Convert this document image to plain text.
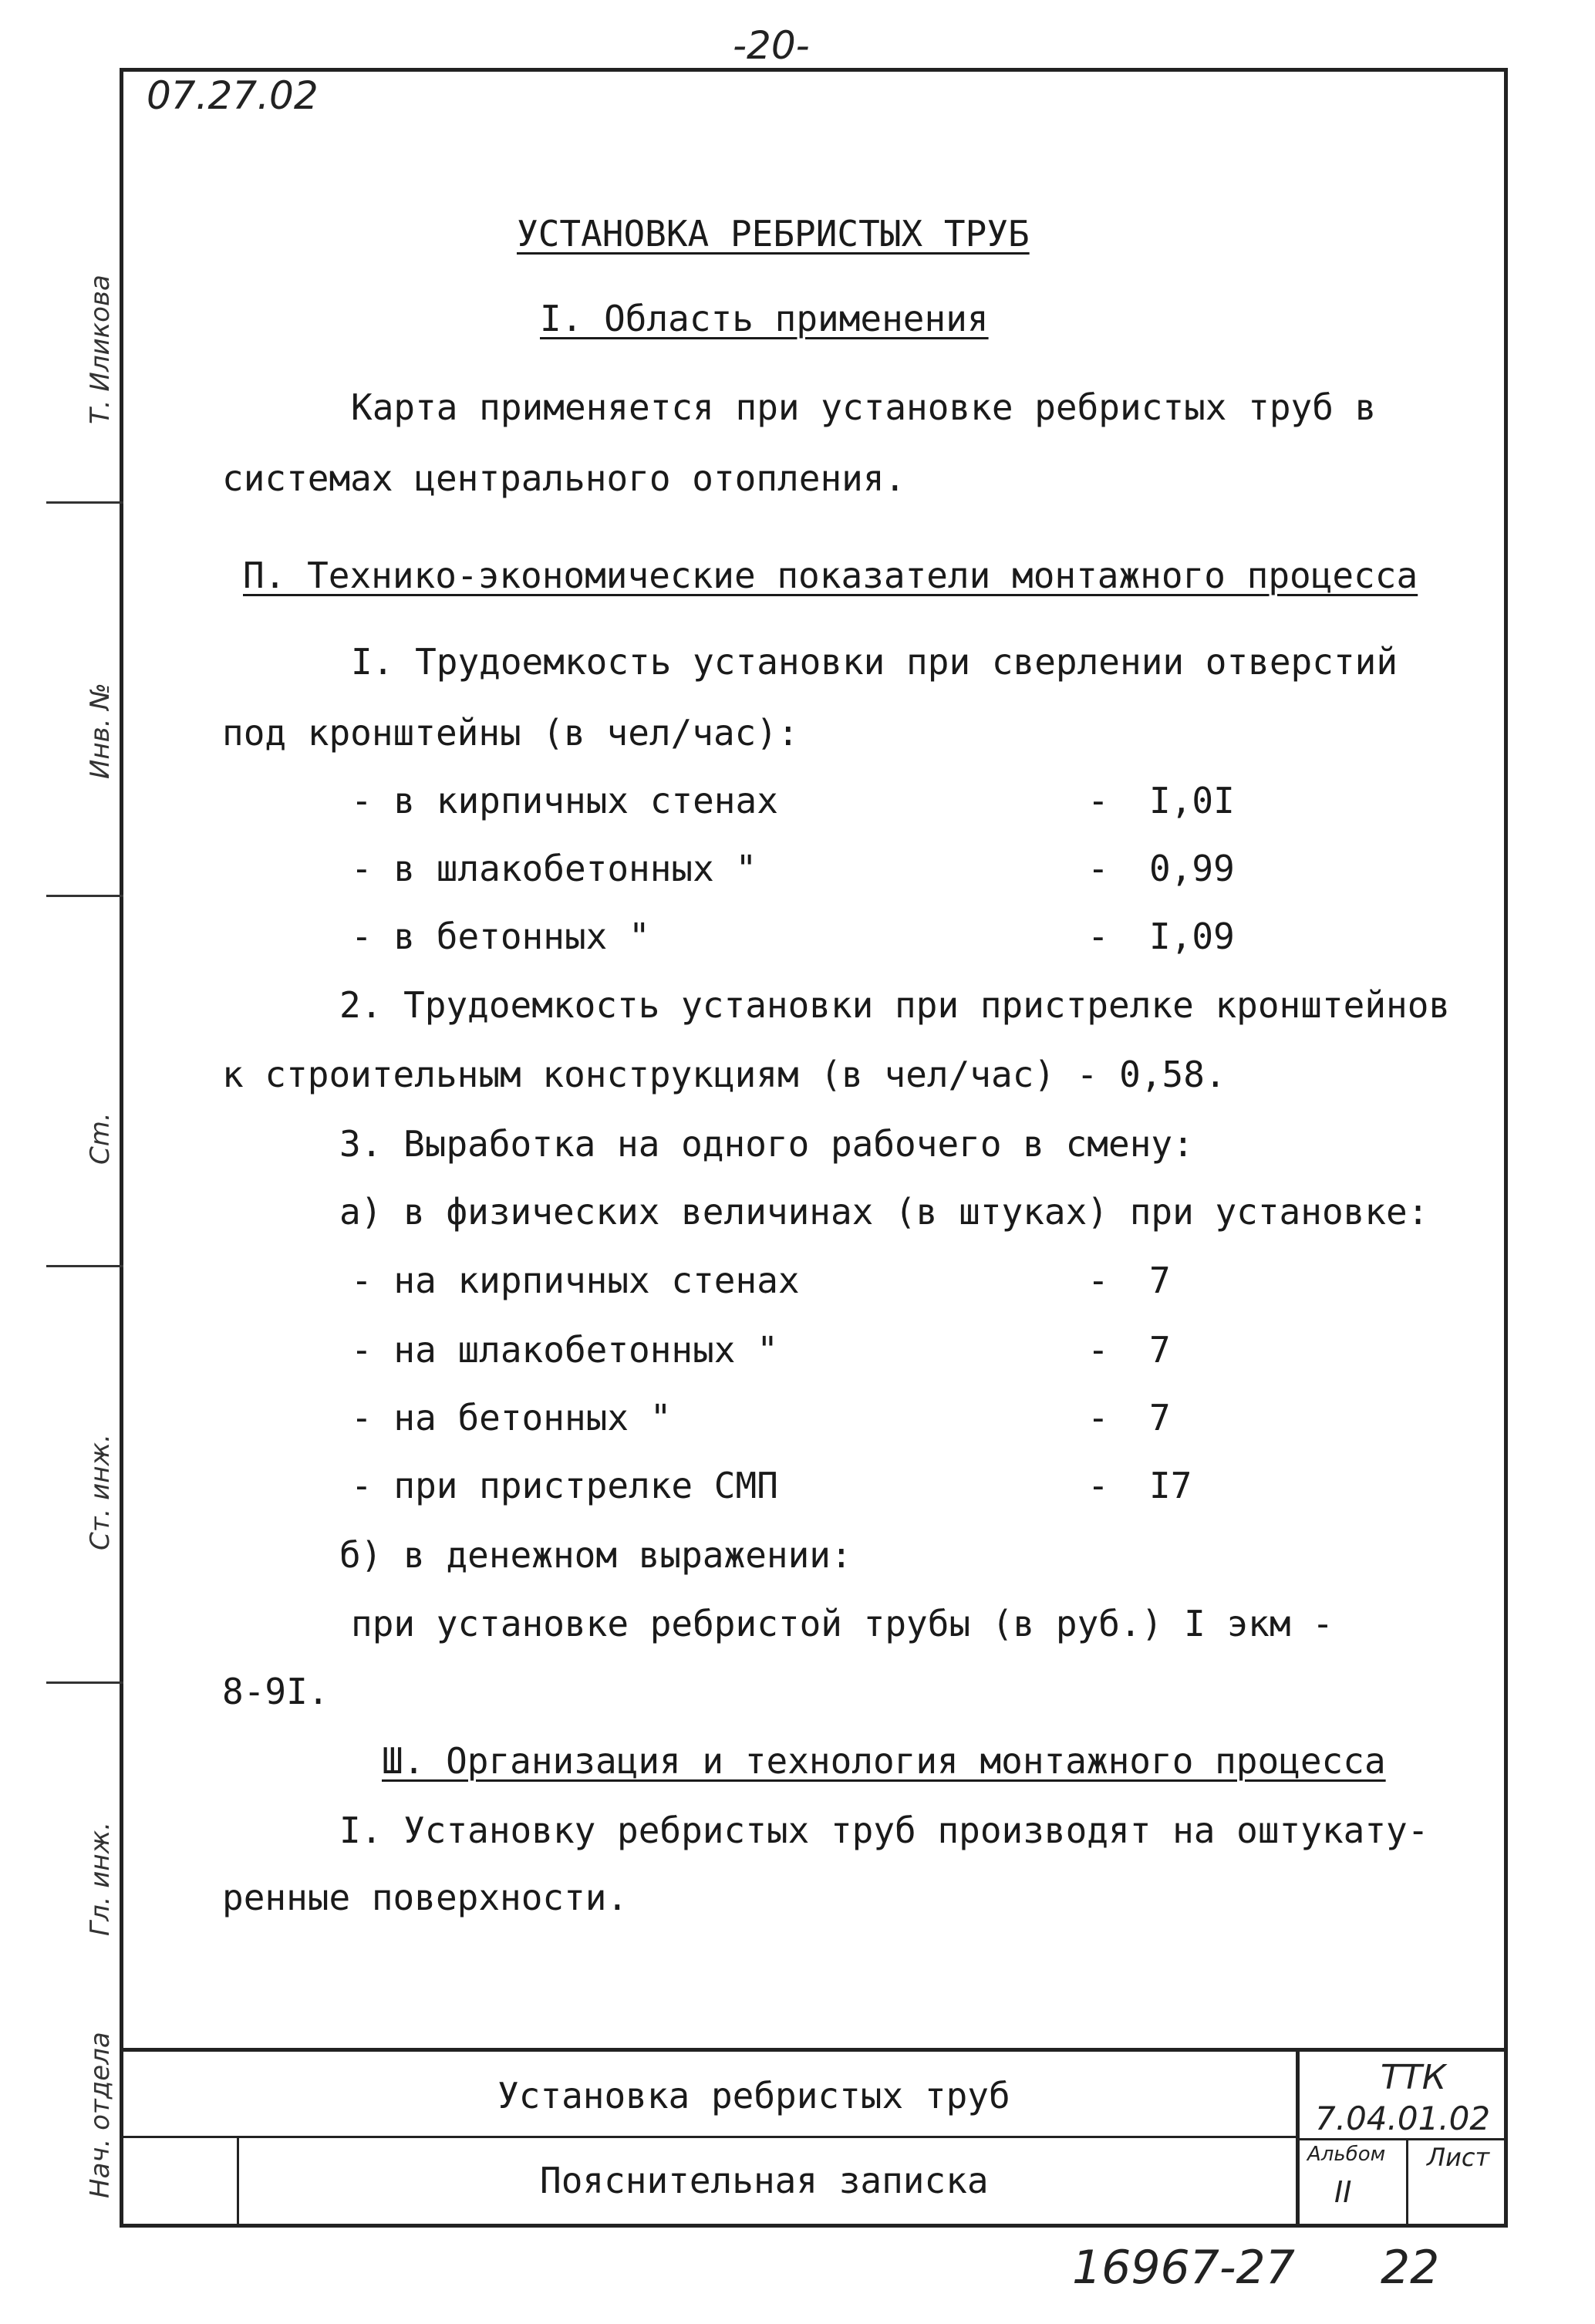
-20-
Т. Иликова
Инв. №
Сm.
Ст. инж.
Гл. инж.
Нач. отдела
07.27.02
УСТАНОВКА РЕБРИСТЫХ ТРУБ
I. Область применения
Карта применяется при установке ребристых труб в
системах центрального отопления.
П. Технико-экономические показатели монтажного процесса
I. Трудоемкость установки при сверлении отверстий
под кронштейны (в чел/час):
- в кирпичных стенах	- I,0I
- в шлакобетонных "	- 0,99
- в бетонных "	- I,09
2. Трудоемкость установки при пристрелке кронштейнов
к строительным конструкциям (в чел/час) - 0,58.
3. Выработка на одного рабочего в смену:
а) в физических величинах (в штуках) при установке:
- на кирпичных стенах	- 7
- на шлакобетонных "	- 7
- на бетонных "	- 7
- при пристрелке СМП	- I7
б) в денежном выражении:
при установке ребристой трубы (в руб.) I экм -
8-9I.
Ш. Организация и технология монтажного процесса
I. Установку ребристых труб производят на оштукату-
ренные поверхности.
Установка ребристых труб
Пояснительная записка
ТТК
7.04.01.02
Альбом
II
Лист
16967-27 22
